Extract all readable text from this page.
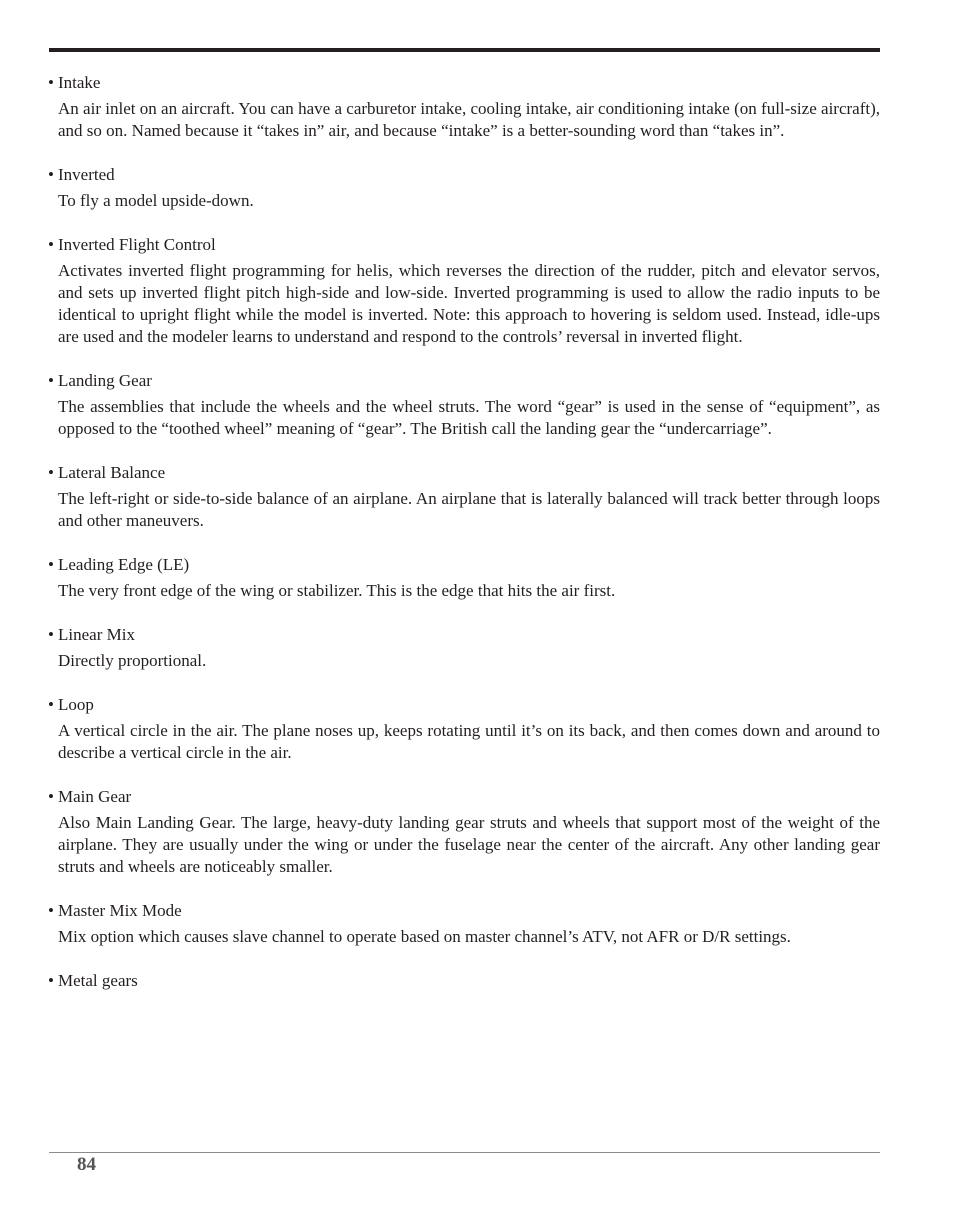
• Intake
An air inlet on an aircraft. You can have a carburetor intake, cooling intake, air conditioning intake (on full-size aircraft), and so on. Named because it “takes in” air, and because “intake” is a better-sounding word than “takes in”.
• Inverted
To fly a model upside-down.
• Inverted Flight Control
Activates inverted flight programming for helis, which reverses the direction of the rudder, pitch and elevator servos, and sets up inverted flight pitch high-side and low-side. Inverted programming is used to allow the radio inputs to be identical to upright flight while the model is inverted. Note: this approach to hovering is seldom used. Instead, idle-ups are used and the modeler learns to understand and respond to the controls’ reversal in inverted flight.
• Landing Gear
The assemblies that include the wheels and the wheel struts. The word “gear” is used in the sense of “equipment”, as opposed to the “toothed wheel” meaning of “gear”. The British call the landing gear the “undercarriage”.
• Lateral Balance
The left-right or side-to-side balance of an airplane. An airplane that is laterally balanced will track better through loops and other maneuvers.
• Leading Edge (LE)
The very front edge of the wing or stabilizer. This is the edge that hits the air first.
• Linear Mix
Directly proportional.
• Loop
A vertical circle in the air. The plane noses up, keeps rotating until it’s on its back, and then comes down and around to describe a vertical circle in the air.
• Main Gear
Also Main Landing Gear. The large, heavy-duty landing gear struts and wheels that support most of the weight of the airplane. They are usually under the wing or under the fuselage near the center of the aircraft. Any other landing gear struts and wheels are noticeably smaller.
• Master Mix Mode
Mix option which causes slave channel to operate based on master channel’s ATV, not AFR or D/R settings.
• Metal gears
84
